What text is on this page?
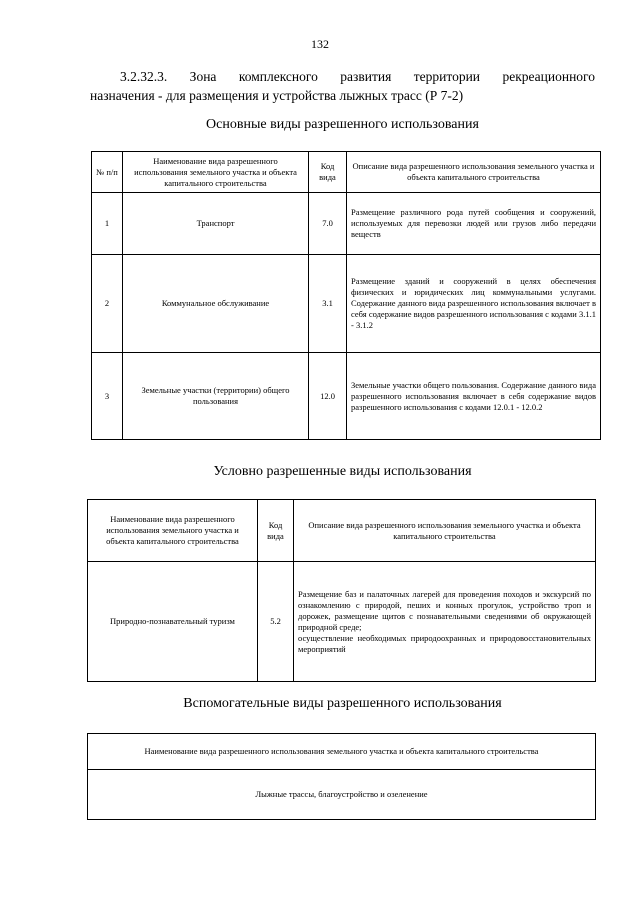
132
3.2.32.3. Зона комплексного развития территории рекреационного
назначения - для размещения и устройства лыжных трасс (Р 7-2)
Основные виды разрешенного использования
№ п/п	Наименование вида разрешенного использования земельного участка и объекта капитального строительства	Код вида	Описание вида разрешенного использования земельного участка и объекта капитального строительства
1	Транспорт	7.0	Размещение различного рода путей сообщения и сооружений, используемых для перевозки людей или грузов либо передачи веществ
2	Коммунальное обслуживание	3.1	Размещение зданий и сооружений в целях обеспечения физических и юридических лиц коммунальными услугами. Содержание данного вида разрешенного использования включает в себя содержание видов разрешенного использования с кодами 3.1.1 - 3.1.2
3	Земельные участки (территории) общего пользования	12.0	Земельные участки общего пользования. Содержание данного вида разрешенного использования включает в себя содержание видов разрешенного использования с кодами 12.0.1 - 12.0.2
Условно разрешенные виды использования
Наименование вида разрешенного использования земельного участка и объекта капитального строительства	Код вида	Описание вида разрешенного использования земельного участка и объекта капитального строительства
Природно-познавательный туризм	5.2	Размещение баз и палаточных лагерей для проведения походов и экскурсий по ознакомлению с природой, пеших и конных прогулок, устройство троп и дорожек, размещение щитов с познавательными сведениями об окружающей природной среде;
осуществление необходимых природоохранных и природовосстановительных мероприятий
Вспомогательные виды разрешенного использования
Наименование вида разрешенного использования земельного участка и объекта капитального строительства
Лыжные трассы, благоустройство и озеленение
